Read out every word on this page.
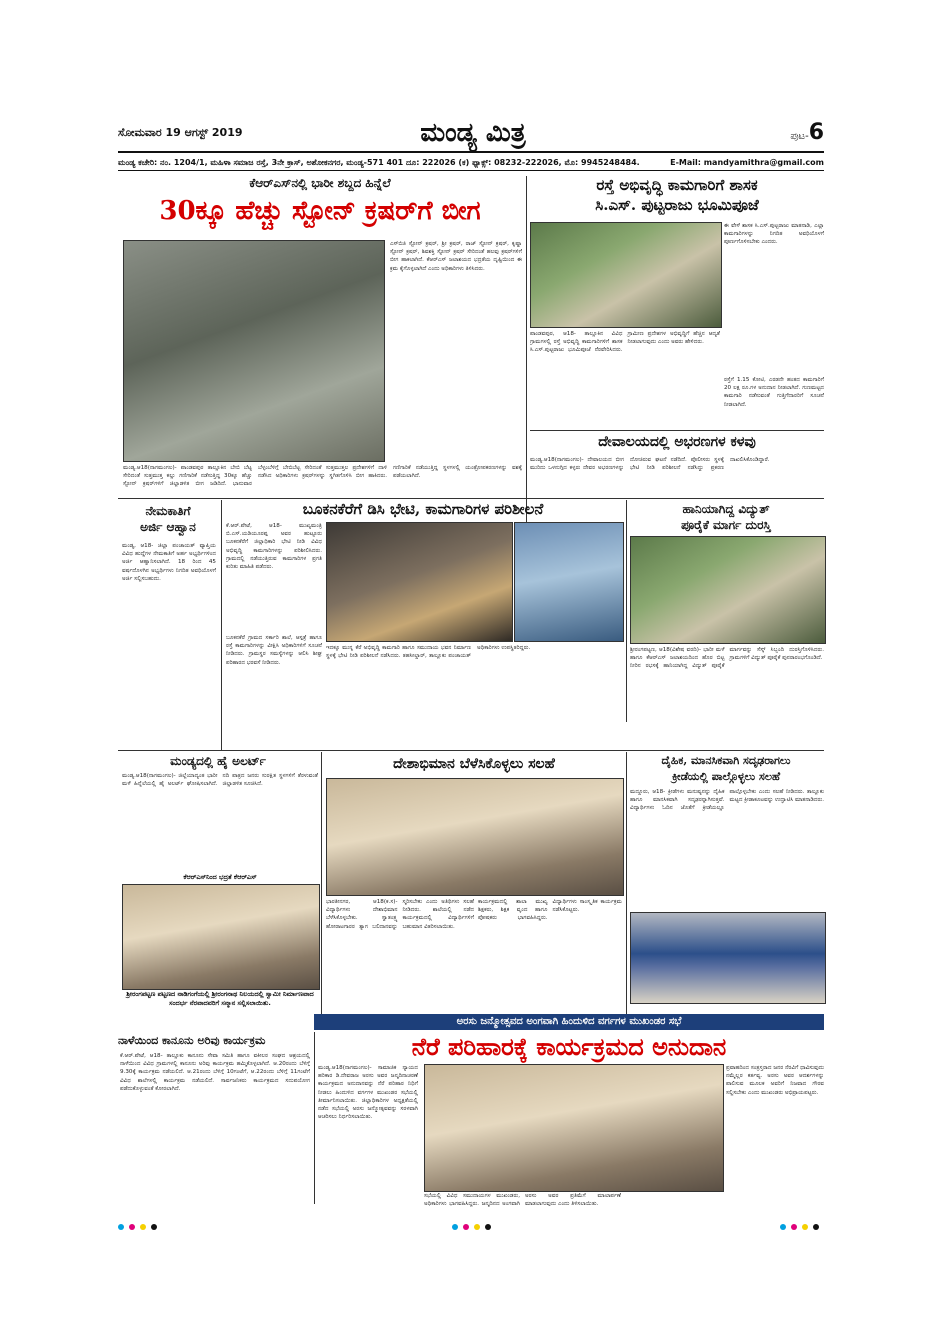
ಸೋಮವಾರ 19 ಆಗಸ್ಟ್ 2019	ಮಂಡ್ಯ ಮಿತ್ರ	ಪುಟ-6
ಮಂಡ್ಯ ಕಚೇರಿ: ನಂ. 1204/1, ಮಹಿಳಾ ಸಮಾಜ ರಸ್ತೆ, 3ನೇ ಕ್ರಾಸ್, ಅಶೋಕನಗರ, ಮಂಡ್ಯ-571 401 ದೂ: 222026 (ಕ) ಫ್ಯಾಕ್ಸ್: 08232-222026, ಮೊ: 9945248484.	E-Mail: mandyamithra@gmail.com
ಕೆಆರ್‌ಎಸ್‌ನಲ್ಲಿ ಭಾರೀ ಶಬ್ದದ ಹಿನ್ನೆಲೆ
30ಕ್ಕೂ ಹೆಚ್ಚು ಸ್ಟೋನ್ ಕ್ರಷರ್‌ಗೆ ಬೀಗ
ಎಸ್‌ಬಿಜಿ ಸ್ಟೋನ್ ಕ್ರಷರ್, ಶ್ರೀ ಕ್ರಷರ್, ರಾಜ್ ಸ್ಟೋನ್ ಕ್ರಷರ್, ಕೃಷ್ಣಾ ಸ್ಟೋನ್ ಕ್ರಷರ್, ಶಿವಶಕ್ತಿ ಸ್ಟೋನ್ ಕ್ರಷರ್ ಸೇರಿದಂತೆ ಹಲವು ಕ್ರಷರ್‌ಗಳಿಗೆ ಬೀಗ ಹಾಕಲಾಗಿದೆ. ಕೆಆರ್‌ಎಸ್ ಜಲಾಶಯದ ಭದ್ರತೆಯ ದೃಷ್ಟಿಯಿಂದ ಈ ಕ್ರಮ ಕೈಗೊಳ್ಳಲಾಗಿದೆ ಎಂದು ಅಧಿಕಾರಿಗಳು ತಿಳಿಸಿದರು.
ಮಂಡ್ಯ.ಆ18(ನಾಗಮಂಗಲ)- ಪಾಂಡವಪುರ ತಾಲ್ಲೂಕಿನ ಬೇಬಿ ಬೆಟ್ಟ ಸೇರಿದಂತೆ ಸುತ್ತಮುತ್ತ ಕಲ್ಲು ಗಣಿಗಾರಿಕೆ ನಡೆಸುತ್ತಿದ್ದ 30ಕ್ಕೂ ಹೆಚ್ಚು ಸ್ಟೋನ್ ಕ್ರಷರ್‌ಗಳಿಗೆ ಜಿಲ್ಲಾಡಳಿತ ಬೀಗ ಜಡಿದಿದೆ. ಭಾನುವಾರ ಬೆಳ್ಳಂಬೆಳಿಗ್ಗೆ ಬೇಬಿಬೆಟ್ಟ ಸೇರಿದಂತೆ ಸುತ್ತಮುತ್ತಲ ಪ್ರದೇಶಗಳಿಗೆ ದಾಳಿ ನಡೆಸಿದ ಅಧಿಕಾರಿಗಳು ಕ್ರಷರ್‌ಗಳನ್ನು ಸ್ಥಗಿತಗೊಳಿಸಿ ಬೀಗ ಹಾಕಿದರು. ಗಣಿಗಾರಿಕೆ ನಡೆಯುತ್ತಿದ್ದ ಸ್ಥಳಗಳಲ್ಲಿ ಯಂತ್ರೋಪಕರಣಗಳನ್ನು ವಶಕ್ಕೆ ಪಡೆಯಲಾಗಿದೆ.
ರಸ್ತೆ ಅಭಿವೃದ್ಧಿ ಕಾಮಗಾರಿಗೆ ಶಾಸಕ
ಸಿ.ಎಸ್. ಪುಟ್ಟರಾಜು ಭೂಮಿಪೂಜೆ
ಈ ವೇಳೆ ಶಾಸಕ ಸಿ.ಎಸ್.ಪುಟ್ಟರಾಜು ಮಾತನಾಡಿ, ಎಲ್ಲಾ ಕಾಮಗಾರಿಗಳನ್ನು ನಿಗದಿತ ಅವಧಿಯೊಳಗೆ ಪೂರ್ಣಗೊಳಿಸಬೇಕು ಎಂದರು.
ಪಾಂಡವಪುರ, ಆ18- ತಾಲ್ಲೂಕಿನ ವಿವಿಧ ಗ್ರಾಮಗಳಲ್ಲಿ ರಸ್ತೆ ಅಭಿವೃದ್ಧಿ ಕಾಮಗಾರಿಗಳಿಗೆ ಶಾಸಕ ಸಿ.ಎಸ್.ಪುಟ್ಟರಾಜು ಭೂಮಿಪೂಜೆ ನೆರವೇರಿಸಿದರು. ಗ್ರಾಮೀಣ ಪ್ರದೇಶಗಳ ಅಭಿವೃದ್ಧಿಗೆ ಹೆಚ್ಚಿನ ಆದ್ಯತೆ ನೀಡಲಾಗುವುದು ಎಂದು ಅವರು ಹೇಳಿದರು.
ರಸ್ತೆಗೆ 1.15 ಕೋಟಿ, ಎರಡನೇ ಹಂತದ ಕಾಮಗಾರಿಗೆ 20 ಲಕ್ಷ ರೂ.ಗಳ ಅನುದಾನ ನೀಡಲಾಗಿದೆ. ಗುಣಮಟ್ಟದ ಕಾಮಗಾರಿ ನಡೆಸುವಂತೆ ಗುತ್ತಿಗೆದಾರರಿಗೆ ಸೂಚನೆ ನೀಡಲಾಗಿದೆ.
ದೇವಾಲಯದಲ್ಲಿ ಅಭರಣಗಳ ಕಳವು
ಮಂಡ್ಯ.ಆ18(ನಾಗಮಂಗಲ)- ದೇವಾಲಯದ ಬೀಗ ಮುರಿದು ಒಳನುಗ್ಗಿದ ಕಳ್ಳರು ದೇವರ ಅಭರಣಗಳನ್ನು ದೋಚಿರುವ ಘಟನೆ ನಡೆದಿದೆ. ಪೊಲೀಸರು ಸ್ಥಳಕ್ಕೆ ಭೇಟಿ ನೀಡಿ ಪರಿಶೀಲನೆ ನಡೆಸಿದ್ದು ಪ್ರಕರಣ ದಾಖಲಿಸಿಕೊಂಡಿದ್ದಾರೆ.
ನೇಮಕಾತಿಗೆ
ಅರ್ಜಿ ಆಹ್ವಾನ
ಮಂಡ್ಯ, ಆ18- ಜಿಲ್ಲಾ ಪಂಚಾಯತ್ ವ್ಯಾಪ್ತಿಯ ವಿವಿಧ ಹುದ್ದೆಗಳ ನೇಮಕಾತಿಗೆ ಅರ್ಹ ಅಭ್ಯರ್ಥಿಗಳಿಂದ ಅರ್ಜಿ ಆಹ್ವಾನಿಸಲಾಗಿದೆ. 18 ರಿಂದ 45 ವರ್ಷದೊಳಗಿನ ಅಭ್ಯರ್ಥಿಗಳು ನಿಗದಿತ ಅವಧಿಯೊಳಗೆ ಅರ್ಜಿ ಸಲ್ಲಿಸಬಹುದು.
ಬೂಕನಕೆರೆಗೆ ಡಿಸಿ ಭೇಟಿ, ಕಾಮಗಾರಿಗಳ ಪರಿಶೀಲನೆ
ಕೆ.ಆರ್.ಪೇಟೆ, ಆ18- ಮುಖ್ಯಮಂತ್ರಿ ಬಿ.ಎಸ್.ಯಡಿಯೂರಪ್ಪ ಅವರ ಹುಟ್ಟೂರು ಬೂಕನಕೆರೆಗೆ ಜಿಲ್ಲಾಧಿಕಾರಿ ಭೇಟಿ ನೀಡಿ ವಿವಿಧ ಅಭಿವೃದ್ಧಿ ಕಾಮಗಾರಿಗಳನ್ನು ಪರಿಶೀಲಿಸಿದರು. ಗ್ರಾಮದಲ್ಲಿ ನಡೆಯುತ್ತಿರುವ ಕಾಮಗಾರಿಗಳ ಪ್ರಗತಿ ಕುರಿತು ಮಾಹಿತಿ ಪಡೆದರು.
ಬೂಕನಕೆರೆ ಗ್ರಾಮದ ಸರ್ಕಾರಿ ಶಾಲೆ, ಆಸ್ಪತ್ರೆ ಹಾಗೂ ರಸ್ತೆ ಕಾಮಗಾರಿಗಳನ್ನು ವೀಕ್ಷಿಸಿ ಅಧಿಕಾರಿಗಳಿಗೆ ಸೂಚನೆ ನೀಡಿದರು. ಗ್ರಾಮಸ್ಥರ ಸಮಸ್ಯೆಗಳನ್ನು ಆಲಿಸಿ ಶೀಘ್ರ ಪರಿಹಾರದ ಭರವಸೆ ನೀಡಿದರು.
ಇದಕ್ಕೂ ಮುನ್ನ ಕೆರೆ ಅಭಿವೃದ್ಧಿ ಕಾಮಗಾರಿ ಹಾಗೂ ಸಮುದಾಯ ಭವನ ನಿರ್ಮಾಣ ಸ್ಥಳಕ್ಕೆ ಭೇಟಿ ನೀಡಿ ಪರಿಶೀಲನೆ ನಡೆಸಿದರು. ತಹಸೀಲ್ದಾರ್, ತಾಲ್ಲೂಕು ಪಂಚಾಯತ್ ಅಧಿಕಾರಿಗಳು ಉಪಸ್ಥಿತರಿದ್ದರು.
ಹಾನಿಯಾಗಿದ್ದ ವಿದ್ಯುತ್
ಪೂರೈಕೆ ಮಾರ್ಗ ದುರಸ್ತಿ
ಶ್ರೀರಂಗಪಟ್ಟಣ, ಆ18(ವಿಶೇಷ ವರದಿ)- ಭಾರೀ ಮಳೆ ಹಾಗೂ ಕೆಆರ್‌ಎಸ್ ಜಲಾಶಯದಿಂದ ಹೊರ ಬಿಟ್ಟ ನೀರಿನ ರಭಸಕ್ಕೆ ಹಾನಿಯಾಗಿದ್ದ ವಿದ್ಯುತ್ ಪೂರೈಕೆ ಮಾರ್ಗವನ್ನು ಸೆಸ್ಕ್ ಸಿಬ್ಬಂದಿ ದುರಸ್ತಿಗೊಳಿಸಿದರು. ಗ್ರಾಮಗಳಿಗೆ ವಿದ್ಯುತ್ ಪೂರೈಕೆ ಪುನರಾರಂಭಗೊಂಡಿದೆ.
ಮಂಡ್ಯದಲ್ಲಿ ಹೈ ಅಲರ್ಟ್
ಮಂಡ್ಯ.ಆ18(ನಾಗಮಂಗಲ)- ಜಿಲ್ಲೆಯಾದ್ಯಂತ ಭಾರೀ ಮಳೆ ಹಿನ್ನೆಲೆಯಲ್ಲಿ ಹೈ ಅಲರ್ಟ್ ಘೋಷಿಸಲಾಗಿದೆ. ನದಿ ಪಾತ್ರದ ಜನರು ಸುರಕ್ಷಿತ ಸ್ಥಳಗಳಿಗೆ ತೆರಳುವಂತೆ ಜಿಲ್ಲಾಡಳಿತ ಸೂಚಿಸಿದೆ.
ಕೆಆರ್‌ಎಸ್‌ನಿಂದ ಭದ್ರತೆ ಕೆಆರ್‌ಎಸ್
ಶ್ರೀರಂಗಪಟ್ಟಣ ಪಟ್ಟಣದ ನಾಡಿಗಂಗೆಯಲ್ಲಿ ಶ್ರೀರಂಗನಾಥ ನಿಲಯದಲ್ಲಿ ಸ್ವಾಮೀ ನಿರ್ಮಾಣವಾದ ಸಂದರ್ಭ ನೆರವಾದವರಿಗೆ ಸನ್ಮಾನ ಸಲ್ಲಿಸಲಾಯಿತು.
ದೇಶಾಭಿಮಾನ ಬೆಳೆಸಿಕೊಳ್ಳಲು ಸಲಹೆ
ಭಾರತೀನಗರ, ಆ18(ಕ.ಸ)- ವಿದ್ಯಾರ್ಥಿಗಳು ದೇಶಾಭಿಮಾನ ಬೆಳೆಸಿಕೊಳ್ಳಬೇಕು. ಸ್ವಾತಂತ್ರ್ಯ ಹೋರಾಟಗಾರರ ತ್ಯಾಗ ಬಲಿದಾನವನ್ನು ಸ್ಮರಿಸಬೇಕು ಎಂದು ಅತಿಥಿಗಳು ಸಲಹೆ ನೀಡಿದರು. ಶಾಲೆಯಲ್ಲಿ ನಡೆದ ಕಾರ್ಯಕ್ರಮದಲ್ಲಿ ವಿದ್ಯಾರ್ಥಿಗಳಿಗೆ ಬಹುಮಾನ ವಿತರಿಸಲಾಯಿತು.
ಕಾರ್ಯಕ್ರಮದಲ್ಲಿ ಶಾಲಾ ಮುಖ್ಯ ಶಿಕ್ಷಕರು, ಶಿಕ್ಷಕ ವೃಂದ ಹಾಗೂ ಪೋಷಕರು ಭಾಗವಹಿಸಿದ್ದರು. ವಿದ್ಯಾರ್ಥಿಗಳು ಸಾಂಸ್ಕೃತಿಕ ಕಾರ್ಯಕ್ರಮ ನಡೆಸಿಕೊಟ್ಟರು.
ದೈಹಿಕ, ಮಾನಸಿಕವಾಗಿ ಸದೃಢರಾಗಲು
ಕ್ರೀಡೆಯಲ್ಲಿ ಪಾಲ್ಗೊಳ್ಳಲು ಸಲಹೆ
ಮದ್ದೂರು, ಆ18- ಕ್ರೀಡೆಗಳು ಮನುಷ್ಯನನ್ನು ದೈಹಿಕ ಹಾಗೂ ಮಾನಸಿಕವಾಗಿ ಸದೃಢರನ್ನಾಗಿಸುತ್ತವೆ. ವಿದ್ಯಾರ್ಥಿಗಳು ಓದಿನ ಜೊತೆಗೆ ಕ್ರೀಡೆಯಲ್ಲೂ ಪಾಲ್ಗೊಳ್ಳಬೇಕು ಎಂದು ಸಲಹೆ ನೀಡಿದರು. ತಾಲ್ಲೂಕು ಮಟ್ಟದ ಕ್ರೀಡಾಕೂಟವನ್ನು ಉದ್ಘಾಟಿಸಿ ಮಾತನಾಡಿದರು.
ಅರಸು ಜನ್ಮೋತ್ಸವದ ಅಂಗವಾಗಿ ಹಿಂದುಳಿದ ವರ್ಗಗಳ ಮುಖಂಡರ ಸಭೆ
ನೆರೆ ಪರಿಹಾರಕ್ಕೆ ಕಾರ್ಯಕ್ರಮದ ಅನುದಾನ
ನಾಳೆಯಿಂದ ಕಾನೂನು ಅರಿವು ಕಾರ್ಯಕ್ರಮ
ಕೆ.ಆರ್.ಪೇಟೆ, ಆ18- ತಾಲ್ಲೂಕು ಕಾನೂನು ಸೇವಾ ಸಮಿತಿ ಹಾಗೂ ವಕೀಲರ ಸಂಘದ ಆಶ್ರಯದಲ್ಲಿ ನಾಳೆಯಿಂದ ವಿವಿಧ ಗ್ರಾಮಗಳಲ್ಲಿ ಕಾನೂನು ಅರಿವು ಕಾರ್ಯಕ್ರಮ ಹಮ್ಮಿಕೊಳ್ಳಲಾಗಿದೆ. ಆ.20ರಂದು ಬೆಳಿಗ್ಗೆ 9.30ಕ್ಕೆ ಕಾರ್ಯಕ್ರಮ ನಡೆಯಲಿದೆ. ಆ.21ರಂದು ಬೆಳಿಗ್ಗೆ 10ಗಂಟೆಗೆ, ಆ.22ರಂದು ಬೆಳಿಗ್ಗೆ 11ಗಂಟೆಗೆ ವಿವಿಧ ಶಾಲೆಗಳಲ್ಲಿ ಕಾರ್ಯಕ್ರಮ ನಡೆಯಲಿದೆ. ಸಾರ್ವಜನಿಕರು ಕಾರ್ಯಕ್ರಮದ ಸದುಪಯೋಗ ಪಡೆದುಕೊಳ್ಳುವಂತೆ ಕೋರಲಾಗಿದೆ.
ಮಂಡ್ಯ.ಆ18(ನಾಗಮಂಗಲ)- ಸಾಮಾಜಿಕ ನ್ಯಾಯದ ಹರಿಕಾರ ಡಿ.ದೇವರಾಜ ಅರಸು ಅವರ ಜನ್ಮದಿನಾಚರಣೆ ಕಾರ್ಯಕ್ರಮದ ಅನುದಾನವನ್ನು ನೆರೆ ಪರಿಹಾರ ನಿಧಿಗೆ ನೀಡಲು ಹಿಂದುಳಿದ ವರ್ಗಗಳ ಮುಖಂಡರ ಸಭೆಯಲ್ಲಿ ತೀರ್ಮಾನಿಸಲಾಯಿತು. ಜಿಲ್ಲಾಧಿಕಾರಿಗಳ ಅಧ್ಯಕ್ಷತೆಯಲ್ಲಿ ನಡೆದ ಸಭೆಯಲ್ಲಿ ಅರಸು ಜನ್ಮೋತ್ಸವವನ್ನು ಸರಳವಾಗಿ ಆಚರಿಸಲು ನಿರ್ಧರಿಸಲಾಯಿತು.
ಪ್ರವಾಹದಿಂದ ಸಂತ್ರಸ್ತರಾದ ಜನರ ನೆರವಿಗೆ ಧಾವಿಸುವುದು ನಮ್ಮೆಲ್ಲರ ಕರ್ತವ್ಯ. ಅರಸು ಅವರ ಆದರ್ಶಗಳನ್ನು ಪಾಲಿಸುವ ಮೂಲಕ ಅವರಿಗೆ ನಿಜವಾದ ಗೌರವ ಸಲ್ಲಿಸಬೇಕು ಎಂದು ಮುಖಂಡರು ಅಭಿಪ್ರಾಯಪಟ್ಟರು.
ಸಭೆಯಲ್ಲಿ ವಿವಿಧ ಸಮುದಾಯಗಳ ಮುಖಂಡರು, ಅಧಿಕಾರಿಗಳು ಭಾಗವಹಿಸಿದ್ದರು. ಜನ್ಮದಿನದ ಅಂಗವಾಗಿ ಅರಸು ಅವರ ಪ್ರತಿಮೆಗೆ ಮಾಲಾರ್ಪಣೆ ಮಾಡಲಾಗುವುದು ಎಂದು ತಿಳಿಸಲಾಯಿತು.
